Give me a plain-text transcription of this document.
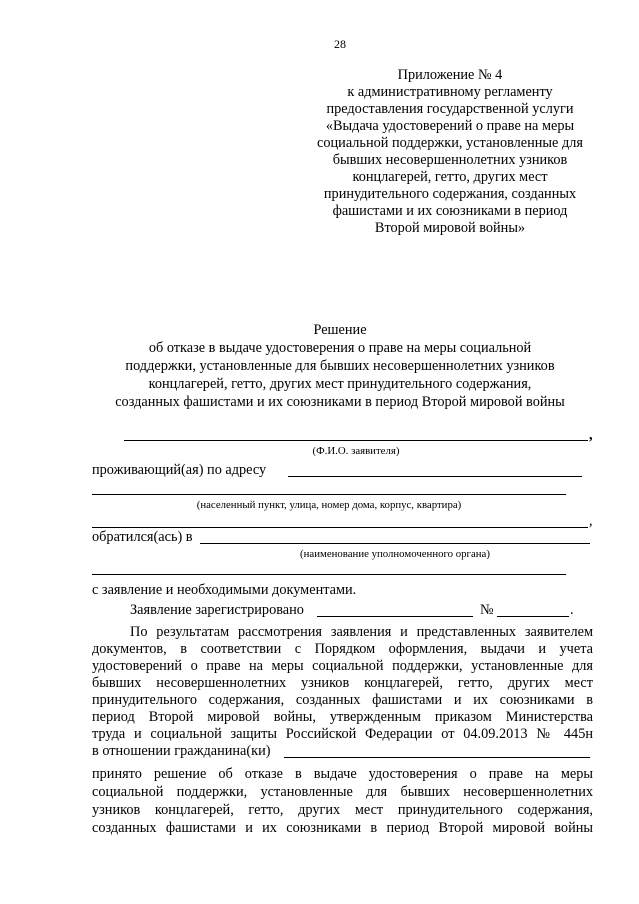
28
Приложение № 4
к административному регламенту
предоставления государственной услуги
«Выдача удостоверений о праве на меры
социальной поддержки, установленные для
бывших несовершеннолетних узников
концлагерей, гетто, других мест
принудительного содержания, созданных
фашистами и их союзниками в период
Второй мировой войны»
Решение
об отказе в выдаче удостоверения о праве на меры социальной
поддержки, установленные для бывших несовершеннолетних узников
концлагерей, гетто, других мест принудительного содержания,
созданных фашистами и их союзниками в период Второй мировой войны
,
(Ф.И.О. заявителя)
проживающий(ая) по адресу
(населенный пункт, улица, номер дома, корпус, квартира)
,
обратился(ась) в
(наименование уполномоченного органа)
с заявление и необходимыми документами.
Заявление зарегистрировано	№	.
По результатам рассмотрения заявления и представленных заявителем
документов, в соответствии с Порядком оформления, выдачи и учета
удостоверений о праве на меры социальной поддержки, установленные для
бывших несовершеннолетних узников концлагерей, гетто, других мест
принудительного содержания, созданных фашистами и их союзниками в
период Второй мировой войны, утвержденным приказом Министерства
труда и социальной защиты Российской Федерации от 04.09.2013 № 445н
в отношении гражданина(ки)
принято решение об отказе в выдаче удостоверения о праве на меры
социальной поддержки, установленные для бывших несовершеннолетних
узников концлагерей, гетто, других мест принудительного содержания,
созданных фашистами и их союзниками в период Второй мировой войны
